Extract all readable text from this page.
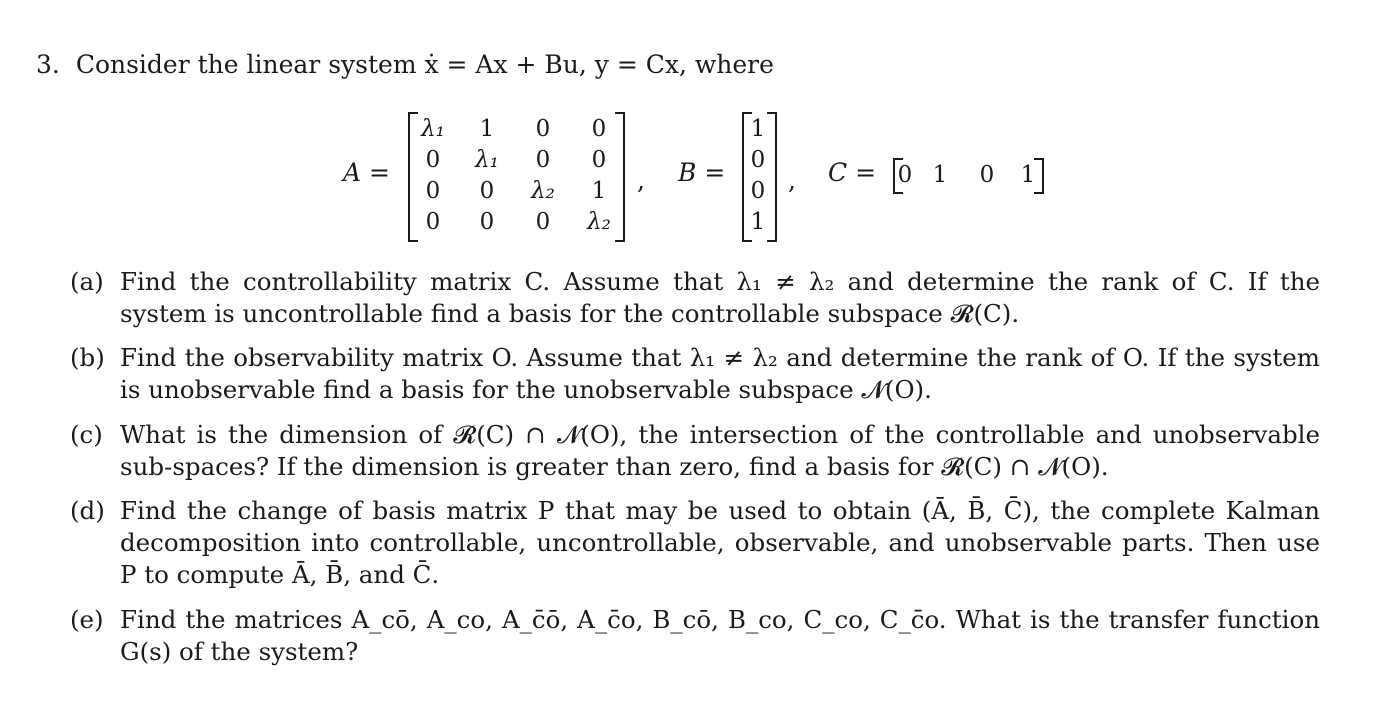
3. Consider the linear system ẋ = Ax + Bu, y = Cx, where
A =	, B =	, C =
λ₁	1	0	0
0	λ₁	0	0
0	0	λ₂	1
0	0	0	λ₂
1
0
0
1
0 1	0	1
(a) Find the controllability matrix C. Assume that λ₁ ≠ λ₂ and determine the rank of C. If the system is uncontrollable find a basis for the controllable subspace 𝓡(C).
(b) Find the observability matrix O. Assume that λ₁ ≠ λ₂ and determine the rank of O. If the system is unobservable find a basis for the unobservable subspace 𝓝(O).
(c) What is the dimension of 𝓡(C) ∩ 𝓝(O), the intersection of the controllable and unobservable sub-spaces? If the dimension is greater than zero, find a basis for 𝓡(C) ∩ 𝓝(O).
(d) Find the change of basis matrix P that may be used to obtain (Ā, B̄, C̄), the complete Kalman decomposition into controllable, uncontrollable, observable, and unobservable parts. Then use P to compute Ā, B̄, and C̄.
(e) Find the matrices A_cō, A_co, A_c̄ō, A_c̄o, B_cō, B_co, C_co, C_c̄o. What is the transfer function G(s) of the system?
